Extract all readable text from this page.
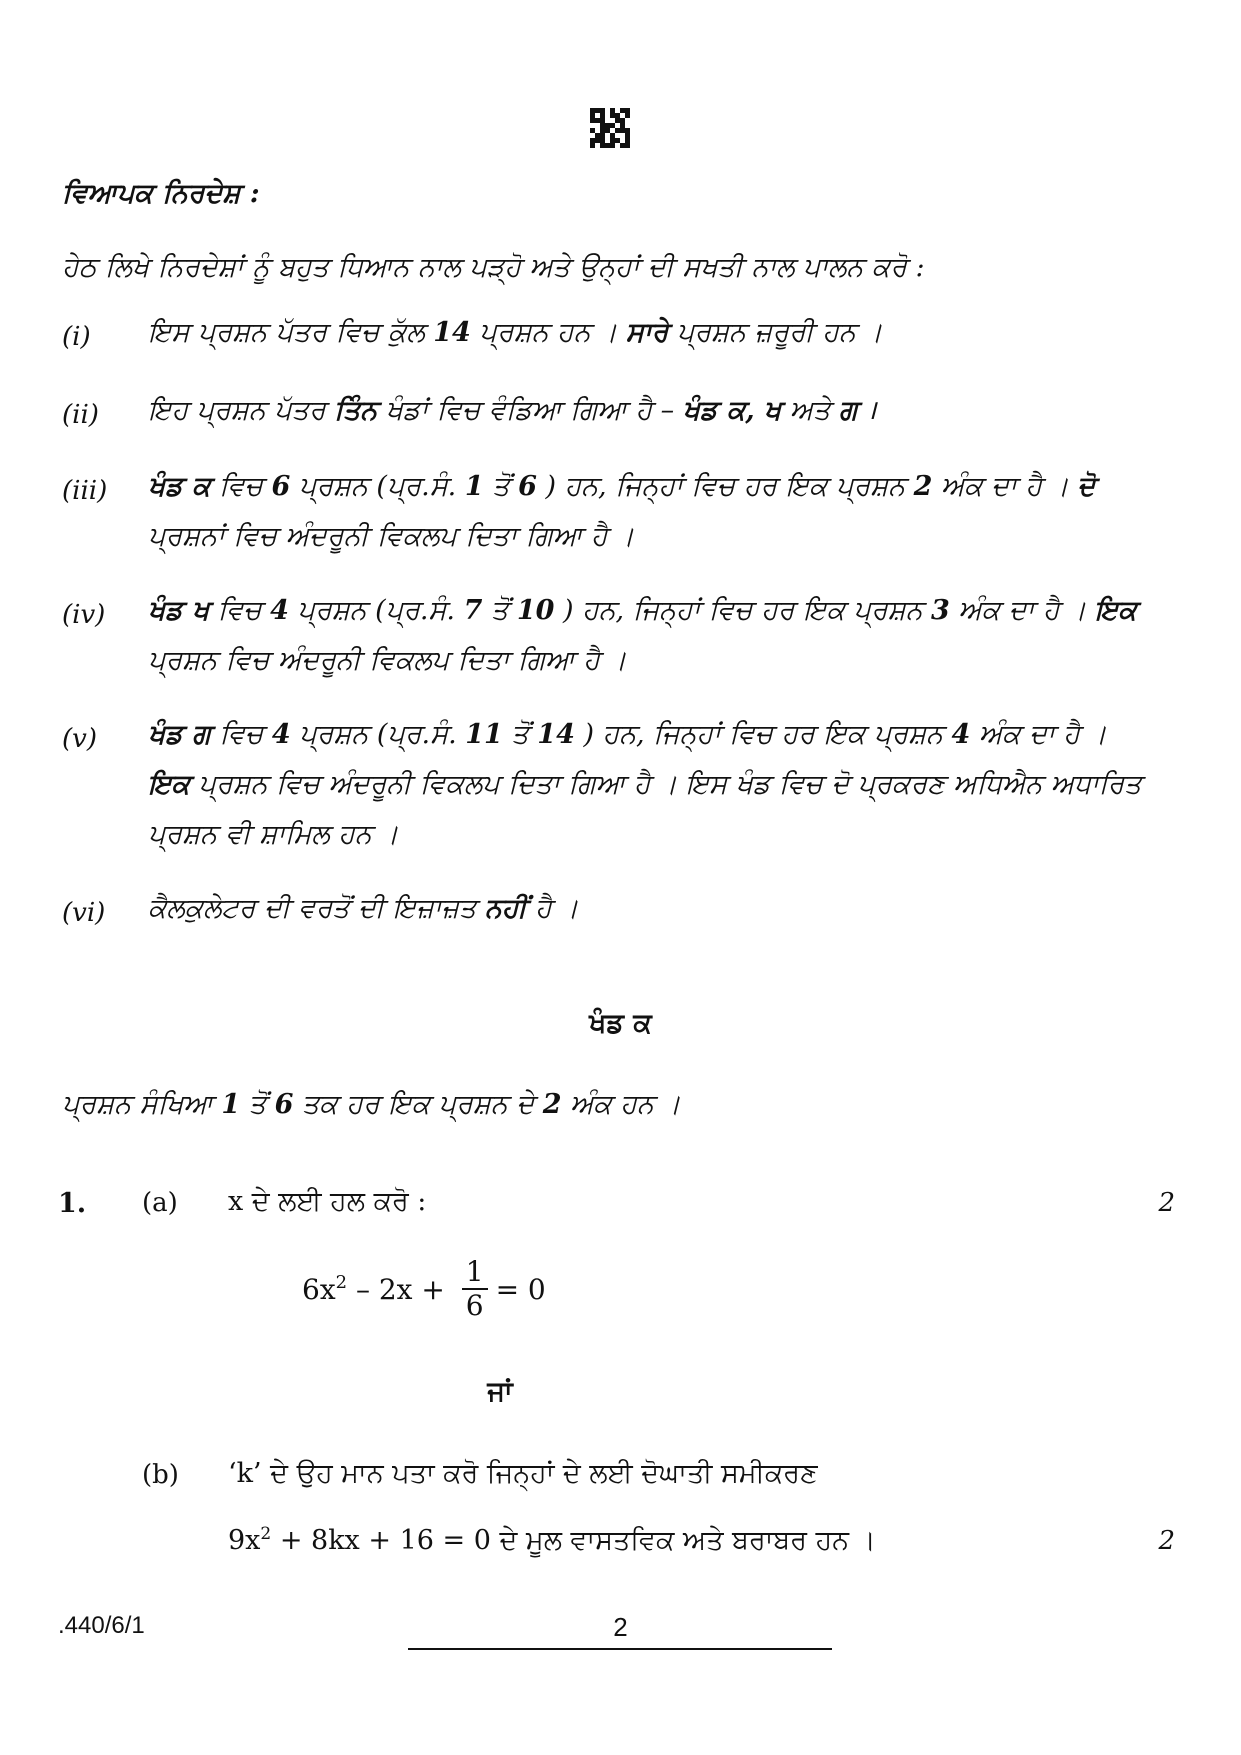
ਵਿਆਪਕ ਨਿਰਦੇਸ਼ :
ਹੇਠ ਲਿਖੇ ਨਿਰਦੇਸ਼ਾਂ ਨੂੰ ਬਹੁਤ ਧਿਆਨ ਨਾਲ ਪੜ੍ਹੋ ਅਤੇ ਉਨ੍ਹਾਂ ਦੀ ਸਖਤੀ ਨਾਲ ਪਾਲਨ ਕਰੋ :
(i)	ਇਸ ਪ੍ਰਸ਼ਨ ਪੱਤਰ ਵਿਚ ਕੁੱਲ 14 ਪ੍ਰਸ਼ਨ ਹਨ । ਸਾਰੇ ਪ੍ਰਸ਼ਨ ਜ਼ਰੂਰੀ ਹਨ ।
(ii)	ਇਹ ਪ੍ਰਸ਼ਨ ਪੱਤਰ ਤਿੰਨ ਖੰਡਾਂ ਵਿਚ ਵੰਡਿਆ ਗਿਆ ਹੈ – ਖੰਡ ਕ, ਖ ਅਤੇ ਗ ।
(iii)	ਖੰਡ ਕ ਵਿਚ 6 ਪ੍ਰਸ਼ਨ (ਪ੍ਰ.ਸੰ. 1 ਤੋਂ 6 ) ਹਨ, ਜਿਨ੍ਹਾਂ ਵਿਚ ਹਰ ਇਕ ਪ੍ਰਸ਼ਨ 2 ਅੰਕ ਦਾ ਹੈ । ਦੋ ਪ੍ਰਸ਼ਨਾਂ ਵਿਚ ਅੰਦਰੂਨੀ ਵਿਕਲਪ ਦਿਤਾ ਗਿਆ ਹੈ ।
(iv)	ਖੰਡ ਖ ਵਿਚ 4 ਪ੍ਰਸ਼ਨ (ਪ੍ਰ.ਸੰ. 7 ਤੋਂ 10 ) ਹਨ, ਜਿਨ੍ਹਾਂ ਵਿਚ ਹਰ ਇਕ ਪ੍ਰਸ਼ਨ 3 ਅੰਕ ਦਾ ਹੈ । ਇਕ ਪ੍ਰਸ਼ਨ ਵਿਚ ਅੰਦਰੂਨੀ ਵਿਕਲਪ ਦਿਤਾ ਗਿਆ ਹੈ ।
(v)	ਖੰਡ ਗ ਵਿਚ 4 ਪ੍ਰਸ਼ਨ (ਪ੍ਰ.ਸੰ. 11 ਤੋਂ 14 ) ਹਨ, ਜਿਨ੍ਹਾਂ ਵਿਚ ਹਰ ਇਕ ਪ੍ਰਸ਼ਨ 4 ਅੰਕ ਦਾ ਹੈ । ਇਕ ਪ੍ਰਸ਼ਨ ਵਿਚ ਅੰਦਰੂਨੀ ਵਿਕਲਪ ਦਿਤਾ ਗਿਆ ਹੈ । ਇਸ ਖੰਡ ਵਿਚ ਦੋ ਪ੍ਰਕਰਣ ਅਧਿਐਨ ਅਧਾਰਿਤ ਪ੍ਰਸ਼ਨ ਵੀ ਸ਼ਾਮਿਲ ਹਨ ।
(vi)	ਕੈਲਕੁਲੇਟਰ ਦੀ ਵਰਤੋਂ ਦੀ ਇਜ਼ਾਜ਼ਤ ਨਹੀਂ ਹੈ ।
ਖੰਡ ਕ
ਪ੍ਰਸ਼ਨ ਸੰਖਿਆ 1 ਤੋਂ 6 ਤਕ ਹਰ ਇਕ ਪ੍ਰਸ਼ਨ ਦੇ 2 ਅੰਕ ਹਨ ।
1. (a) x ਦੇ ਲਈ ਹਲ ਕਰੋ :	2
$6x^2 - 2x + \frac{1}{6} = 0$
ਜਾਂ
(b) ‘k’ ਦੇ ਉਹ ਮਾਨ ਪਤਾ ਕਰੋ ਜਿਨ੍ਹਾਂ ਦੇ ਲਈ ਦੋਘਾਤੀ ਸਮੀਕਰਣ
$9x^2 + 8kx + 16 = 0$ ਦੇ ਮੂਲ ਵਾਸਤਵਿਕ ਅਤੇ ਬਰਾਬਰ ਹਨ ।	2
.440/6/1	2
